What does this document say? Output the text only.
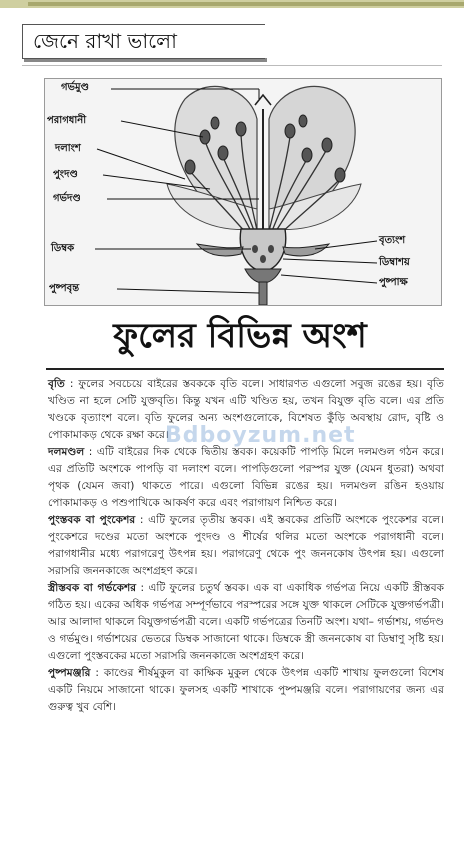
জেনে রাখা ভালো
গর্ভমুণ্ড
পরাগধানী
দলাংশ
পুংদণ্ড
গর্ভদণ্ড
ডিম্বক
পুষ্পবৃন্ত
বৃত্যংশ
ডিম্বাশয়
পুষ্পাক্ষ
ফুলের বিভিন্ন অংশ

বৃতি : ফুলের সবচেয়ে বাইরের স্তবককে বৃতি বলে। সাধারণত এগুলো সবুজ রঙের হয়। বৃতি খণ্ডিত না হলে সেটি যুক্তবৃতি। কিন্তু যখন এটি খণ্ডিত হয়, তখন বিযুক্ত বৃতি বলে। এর প্রতি খণ্ডকে বৃত্যাংশ বলে। বৃতি ফুলের অন্য অংশগুলোকে, বিশেষত কুঁড়ি অবস্থায় রোদ, বৃষ্টি ও পোকামাকড় থেকে রক্ষা করে।

দলমণ্ডল : এটি বাইরের দিক থেকে দ্বিতীয় স্তবক। কয়েকটি পাপড়ি মিলে দলমণ্ডল গঠন করে। এর প্রতিটি অংশকে পাপড়ি বা দলাংশ বলে। পাপড়িগুলো পরস্পর যুক্ত (যেমন ধুতরা) অথবা পৃথক (যেমন জবা) থাকতে পারে। এগুলো বিভিন্ন রঙের হয়। দলমণ্ডল রঙিন হওয়ায় পোকামাকড় ও পশুপাখিকে আকর্ষণ করে এবং পরাগায়ণ নিশ্চিত করে।

পুংস্তবক বা পুংকেশর : এটি ফুলের তৃতীয় স্তবক। এই স্তবকের প্রতিটি অংশকে পুংকেশর বলে। পুংকেশরে দণ্ডের মতো অংশকে পুংদণ্ড ও শীর্ষের থলির মতো অংশকে পরাগধানী বলে। পরাগধানীর মধ্যে পরাগরেণু উৎপন্ন হয়। পরাগরেণু থেকে পুং জননকোষ উৎপন্ন হয়। এগুলো সরাসরি জননকাজে অংশগ্রহণ করে।

স্ত্রীস্তবক বা গর্ভকেশর : এটি ফুলের চতুর্থ স্তবক। এক বা একাধিক গর্ভপত্র নিয়ে একটি স্ত্রীস্তবক গঠিত হয়। একের অধিক গর্ভপত্র সম্পূর্ণভাবে পরস্পরের সঙ্গে যুক্ত থাকলে সেটিকে যুক্তগর্ভপত্রী। আর আলাদা থাকলে বিযুক্তগর্ভপত্রী বলে। একটি গর্ভপত্রের তিনটি অংশ। যথা– গর্ভাশয়, গর্ভদণ্ড ও গর্ভমুণ্ড। গর্ভাশয়ের ভেতরে ডিম্বক সাজানো থাকে। ডিম্বকে স্ত্রী জননকোষ বা ডিম্বাণু সৃষ্টি হয়। এগুলো পুংস্তবকের মতো সরাসরি জননকাজে অংশগ্রহণ করে।

পুষ্পমঞ্জরি : কাণ্ডের শীর্ষমুকুল বা কাক্ষিক মুকুল থেকে উৎপন্ন একটি শাখায় ফুলগুলো বিশেষ একটি নিয়মে সাজানো থাকে। ফুলসহ একটি শাখাকে পুষ্পমঞ্জরি বলে। পরাগায়ণের জন্য এর গুরুত্ব খুব বেশি।

Bdboyzum.net
